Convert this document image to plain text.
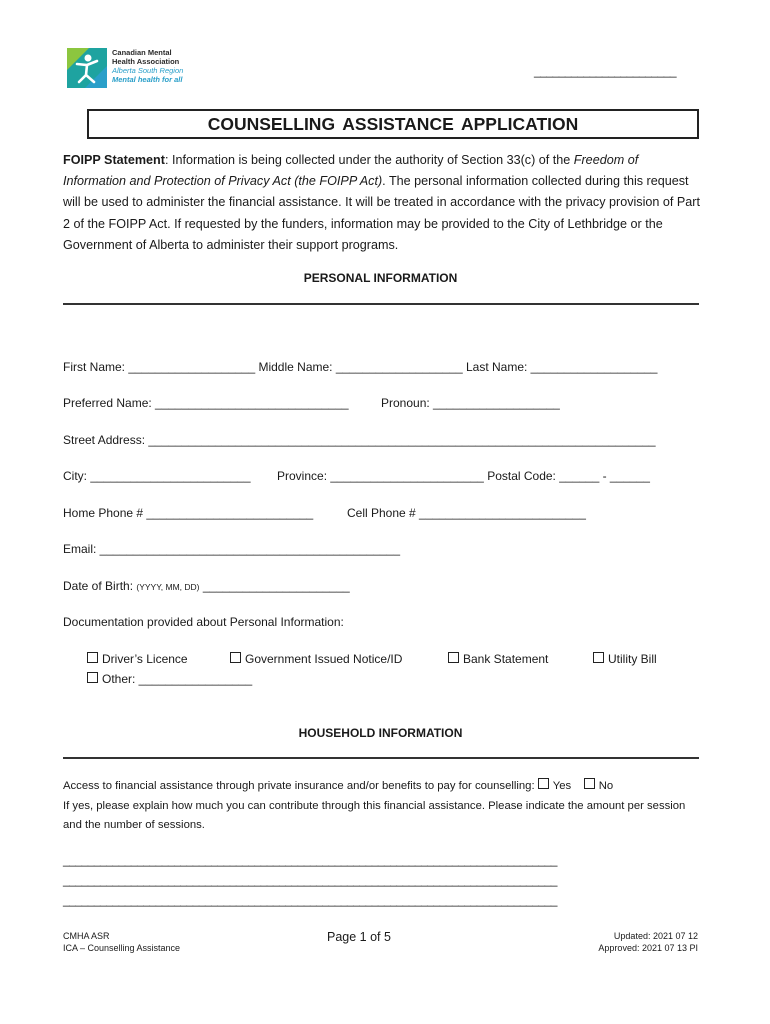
Canadian Mental
Health Association
Alberta South Region
Mental health for all
_______________________
COUNSELLING ASSISTANCE APPLICATION
FOIPP Statement: Information is being collected under the authority of Section 33(c) of the Freedom of Information and Protection of Privacy Act (the FOIPP Act). The personal information collected during this request will be used to administer the financial assistance. It will be treated in accordance with the privacy provision of Part 2 of the FOIPP Act. If requested by the funders, information may be provided to the City of Lethbridge or the Government of Alberta to administer their support programs.
PERSONAL INFORMATION
First Name: ___________________ Middle Name: ___________________ Last Name: ___________________
Preferred Name: _____________________________	Pronoun: ___________________
Street Address: ____________________________________________________________________________
City: ________________________ Province: _______________________ Postal Code: ______ - ______
Home Phone # _________________________	Cell Phone # _________________________
Email: _____________________________________________
Date of Birth: (YYYY, MM, DD) ______________________
Documentation provided about Personal Information:
Driver’s Licence	Government Issued Notice/ID	Bank Statement	Utility Bill
Other: _________________
HOUSEHOLD INFORMATION
Access to financial assistance through private insurance and/or benefits to pay for counselling: Yes No
If yes, please explain how much you can contribute through this financial assistance. Please indicate the amount per session and the number of sessions.
________________________________________________________________________________
________________________________________________________________________________
________________________________________________________________________________
CMHA ASR
ICA – Counselling Assistance
Page 1 of 5	Updated: 2021 07 12
Approved: 2021 07 13 PI
